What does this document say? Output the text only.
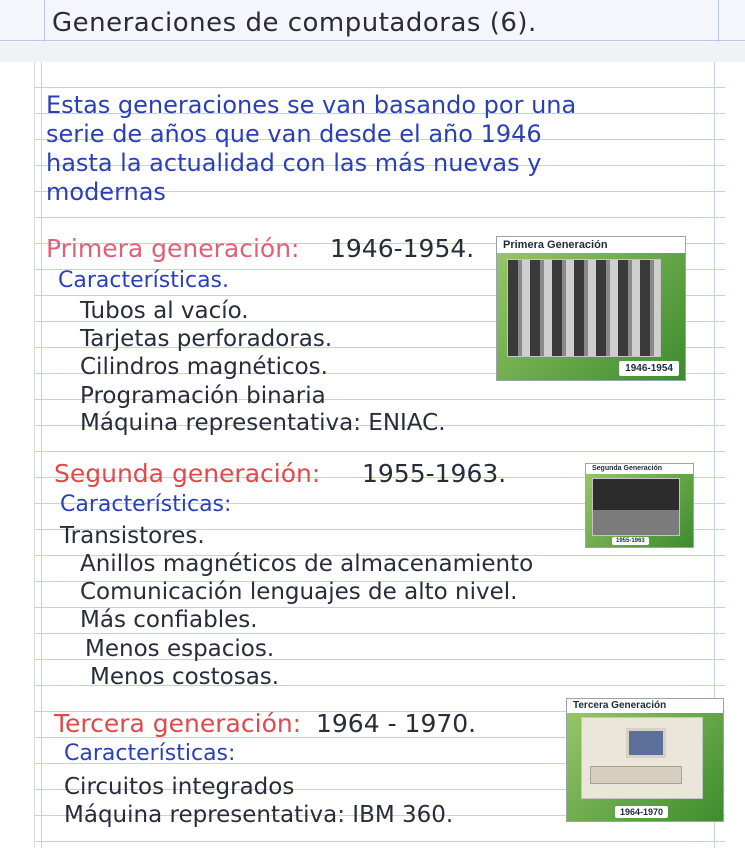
Generaciones de computadoras (6).
Estas generaciones se van basando por una
serie de años que van desde el año 1946
hasta la actualidad con las más nuevas y
modernas
Primera generación: 1946-1954.
Características.
Tubos al vacío.
Tarjetas perforadoras.
Cilindros magnéticos.
Programación binaria
Máquina representativa: ENIAC.
Primera Generación
1946-1954
Segunda generación: 1955-1963.
Características:
Transistores.
Anillos magnéticos de almacenamiento
Comunicación lenguajes de alto nivel.
Más confiables.
Menos espacios.
Menos costosas.
Segunda Generación
1955-1963
Tercera generación: 1964 - 1970.
Características:
Circuitos integrados
Máquina representativa: IBM 360.
Tercera Generación
1964-1970
